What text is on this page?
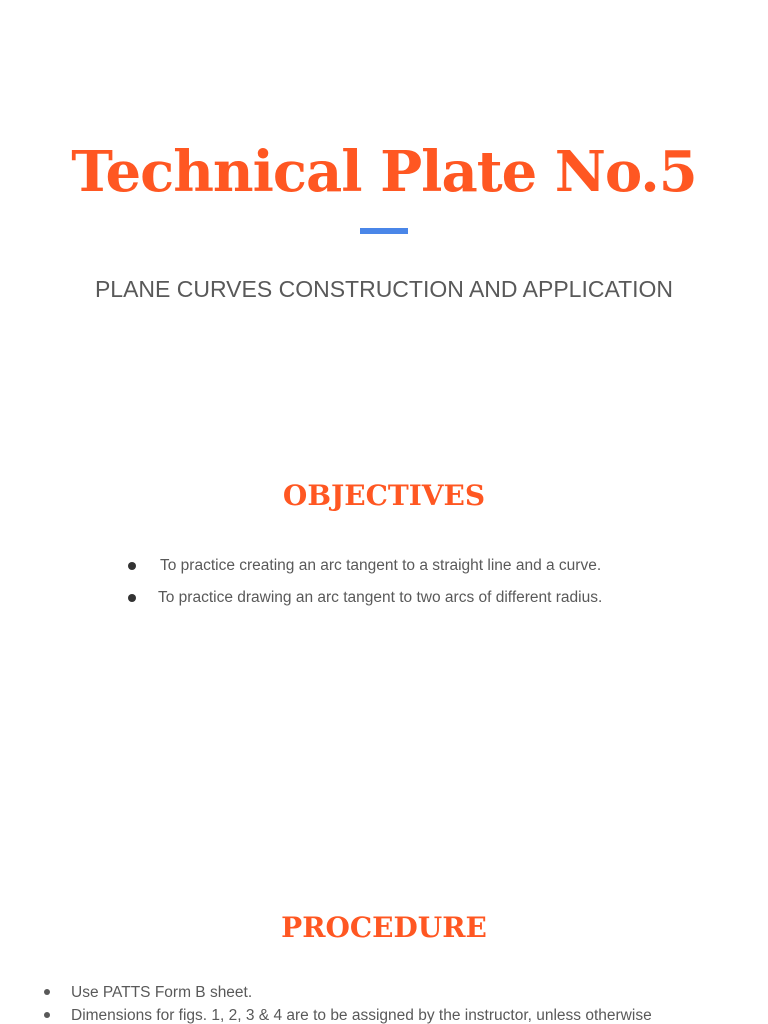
Technical Plate No.5

PLANE CURVES CONSTRUCTION AND APPLICATION

OBJECTIVES
To practice creating an arc tangent to a straight line and a curve.
To practice drawing an arc tangent to two arcs of different radius.
PROCEDURE
Use PATTS Form B sheet.
Dimensions for figs. 1, 2, 3 & 4 are to be assigned by the instructor, unless otherwise
